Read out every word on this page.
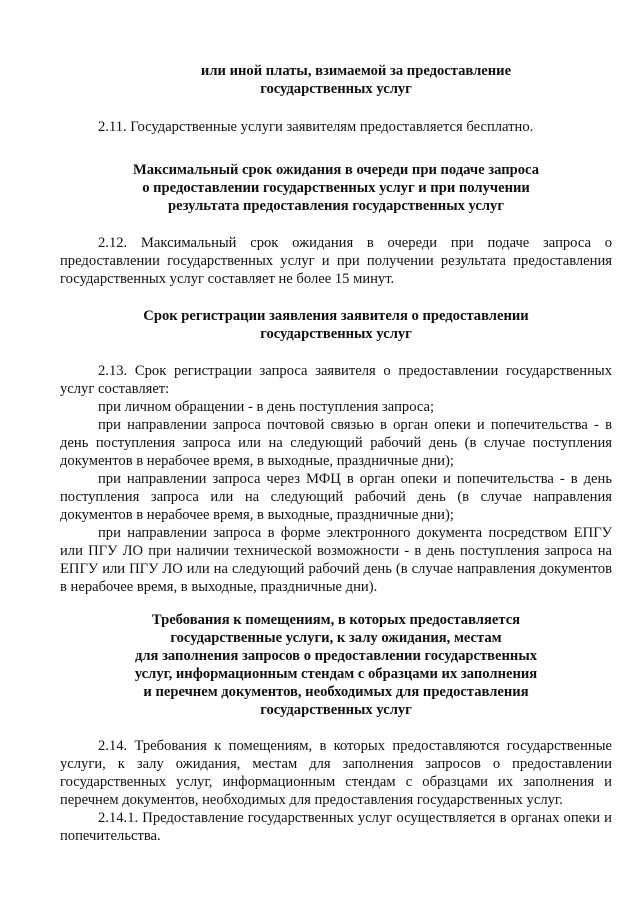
или иной платы, взимаемой за предоставление
государственных услуг

2.11. Государственные услуги заявителям предоставляется бесплатно.

Максимальный срок ожидания в очереди при подаче запроса
о предоставлении государственных услуг и при получении
результата предоставления государственных услуг

2.12. Максимальный срок ожидания в очереди при подаче запроса о предоставлении государственных услуг и при получении результата предоставления государственных услуг составляет не более 15 минут.

Срок регистрации заявления заявителя о предоставлении
государственных услуг

2.13. Срок регистрации запроса заявителя о предоставлении государственных услуг составляет:

при личном обращении - в день поступления запроса;

при направлении запроса почтовой связью в орган опеки и попечительства - в день поступления запроса или на следующий рабочий день (в случае поступления документов в нерабочее время, в выходные, праздничные дни);

при направлении запроса через МФЦ в орган опеки и попечительства - в день поступления запроса или на следующий рабочий день (в случае направления документов в нерабочее время, в выходные, праздничные дни);

при направлении запроса в форме электронного документа посредством ЕПГУ или ПГУ ЛО при наличии технической возможности - в день поступления запроса на ЕПГУ или ПГУ ЛО или на следующий рабочий день (в случае направления документов в нерабочее время, в выходные, праздничные дни).

Требования к помещениям, в которых предоставляется
государственные услуги, к залу ожидания, местам
для заполнения запросов о предоставлении государственных
услуг, информационным стендам с образцами их заполнения
и перечнем документов, необходимых для предоставления
государственных услуг

2.14. Требования к помещениям, в которых предоставляются государственные услуги, к залу ожидания, местам для заполнения запросов о предоставлении государственных услуг, информационным стендам с образцами их заполнения и перечнем документов, необходимых для предоставления государственных услуг.

2.14.1. Предоставление государственных услуг осуществляется в органах опеки и попечительства.
